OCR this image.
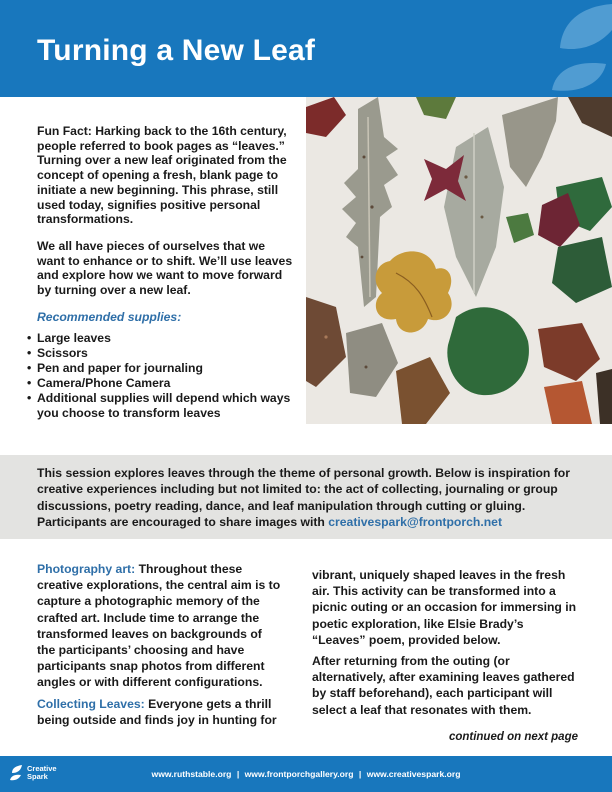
Turning a New Leaf

Fun Fact: Harking back to the 16th century, people referred to book pages as “leaves.” Turning over a new leaf originated from the concept of opening a fresh, blank page to initiate a new beginning. This phrase, still used today, signifies positive personal transformations.

We all have pieces of ourselves that we want to enhance or to shift. We’ll use leaves and explore how we want to move forward by turning over a new leaf.

Recommended supplies:
• Large leaves
• Scissors
• Pen and paper for journaling
• Camera/Phone Camera
• Additional supplies will depend which ways you choose to transform leaves

This session explores leaves through the theme of personal growth. Below is inspiration for creative experiences including but not limited to: the act of collecting, journaling or group discussions, poetry reading, dance, and leaf manipulation through cutting or gluing. Participants are encouraged to share images with creativespark@frontporch.net

Photography art: Throughout these creative explorations, the central aim is to capture a photographic memory of the crafted art. Include time to arrange the transformed leaves on backgrounds of the participants’ choosing and have participants snap photos from different angles or with different configurations.

Collecting Leaves: Everyone gets a thrill being outside and finds joy in hunting for

vibrant, uniquely shaped leaves in the fresh air. This activity can be transformed into a picnic outing or an occasion for immersing in poetic exploration, like Elsie Brady’s “Leaves” poem, provided below.

After returning from the outing (or alternatively, after examining leaves gathered by staff beforehand), each participant will select a leaf that resonates with them.

continued on next page
Creative
Spark	www.ruthstable.org | www.frontporchgallery.org | www.creativespark.org
